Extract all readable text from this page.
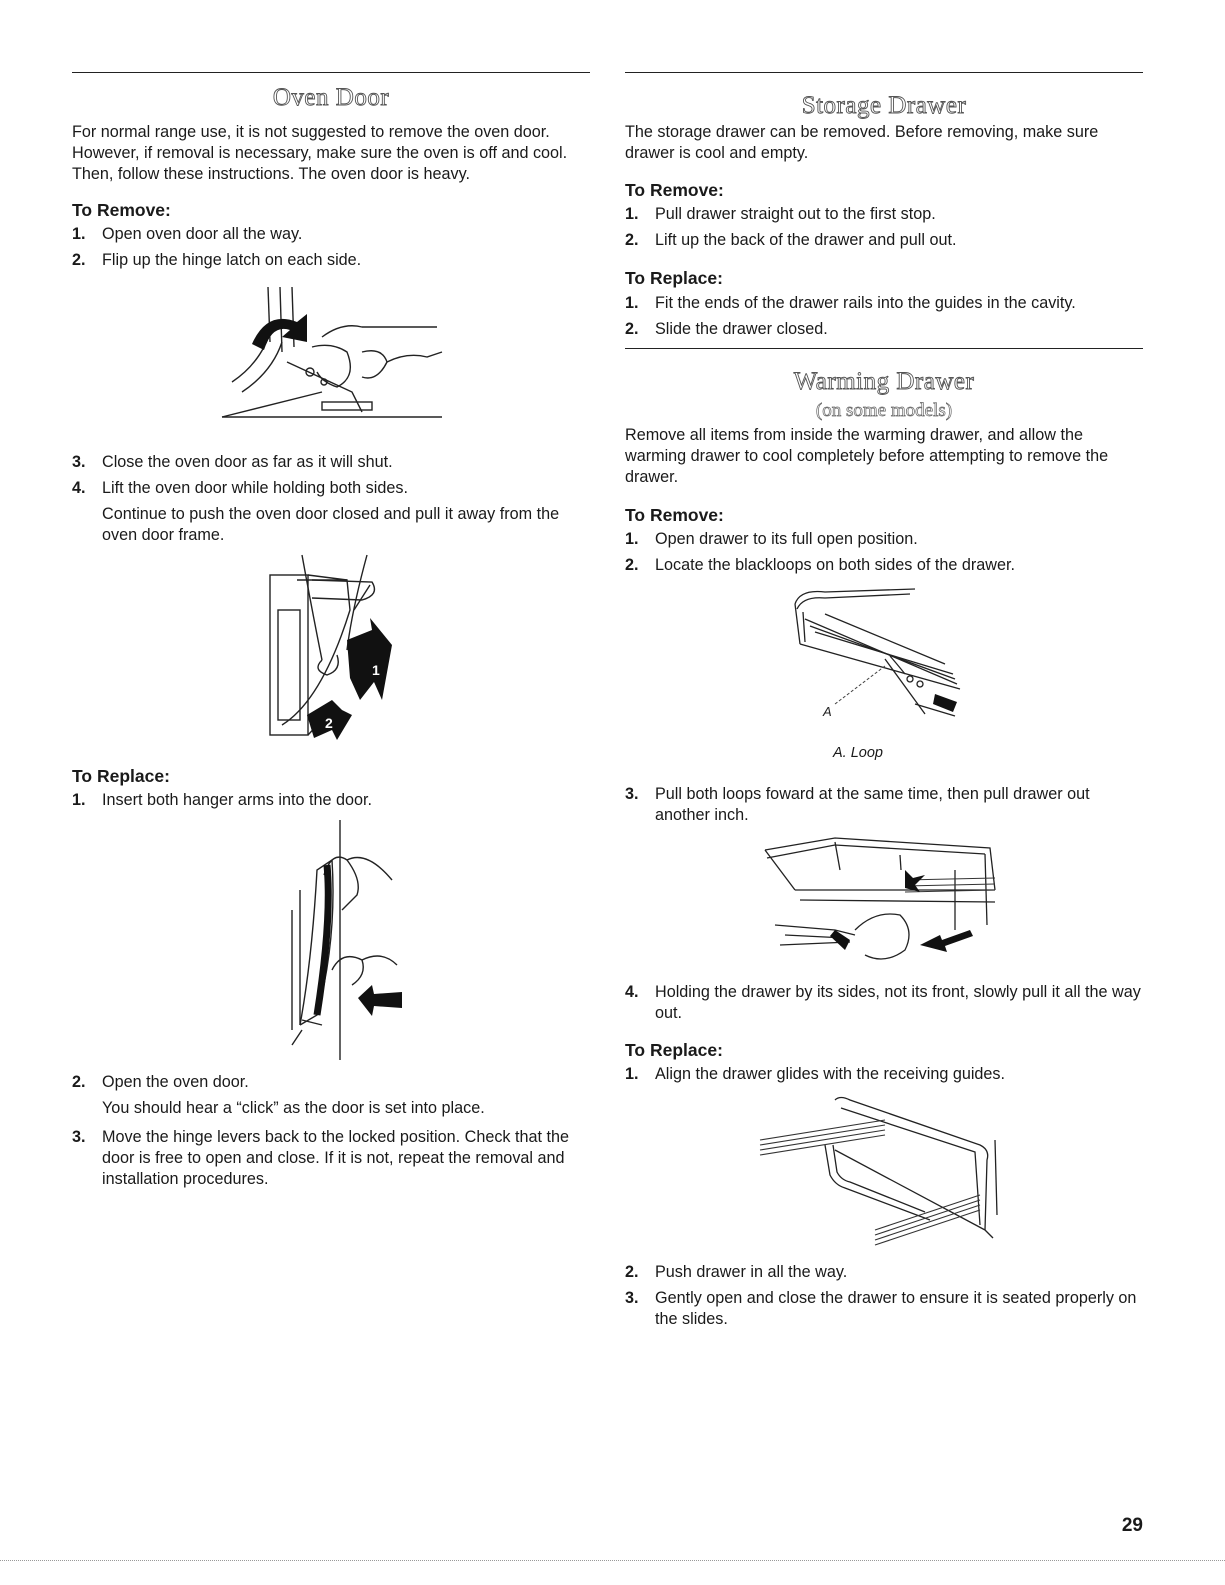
Oven Door

For normal range use, it is not suggested to remove the oven door. However, if removal is necessary, make sure the oven is off and cool. Then, follow these instructions. The oven door is heavy.

To Remove:

1. Open oven door all the way.
2. Flip up the hinge latch on each side.
3. Close the oven door as far as it will shut.
4. Lift the oven door while holding both sides.
Continue to push the oven door closed and pull it away from the oven door frame.
1
2

To Replace:

1. Insert both hanger arms into the door.
2. Open the oven door.
You should hear a “click” as the door is set into place.
3. Move the hinge levers back to the locked position. Check that the door is free to open and close. If it is not, repeat the removal and installation procedures.
Storage Drawer

The storage drawer can be removed. Before removing, make sure drawer is cool and empty.

To Remove:

1. Pull drawer straight out to the first stop.
2. Lift up the back of the drawer and pull out.

To Replace:

1. Fit the ends of the drawer rails into the guides in the cavity.
2. Slide the drawer closed.
Warming Drawer
(on some models)

Remove all items from inside the warming drawer, and allow the warming drawer to cool completely before attempting to remove the drawer.

To Remove:

1. Open drawer to its full open position.
2. Locate the blackloops on both sides of the drawer.
A
A. Loop
3. Pull both loops foward at the same time, then pull drawer out another inch.
4. Holding the drawer by its sides, not its front, slowly pull it all the way out.

To Replace:

1. Align the drawer glides with the receiving guides.
2. Push drawer in all the way.
3. Gently open and close the drawer to ensure it is seated properly on the slides.
29
